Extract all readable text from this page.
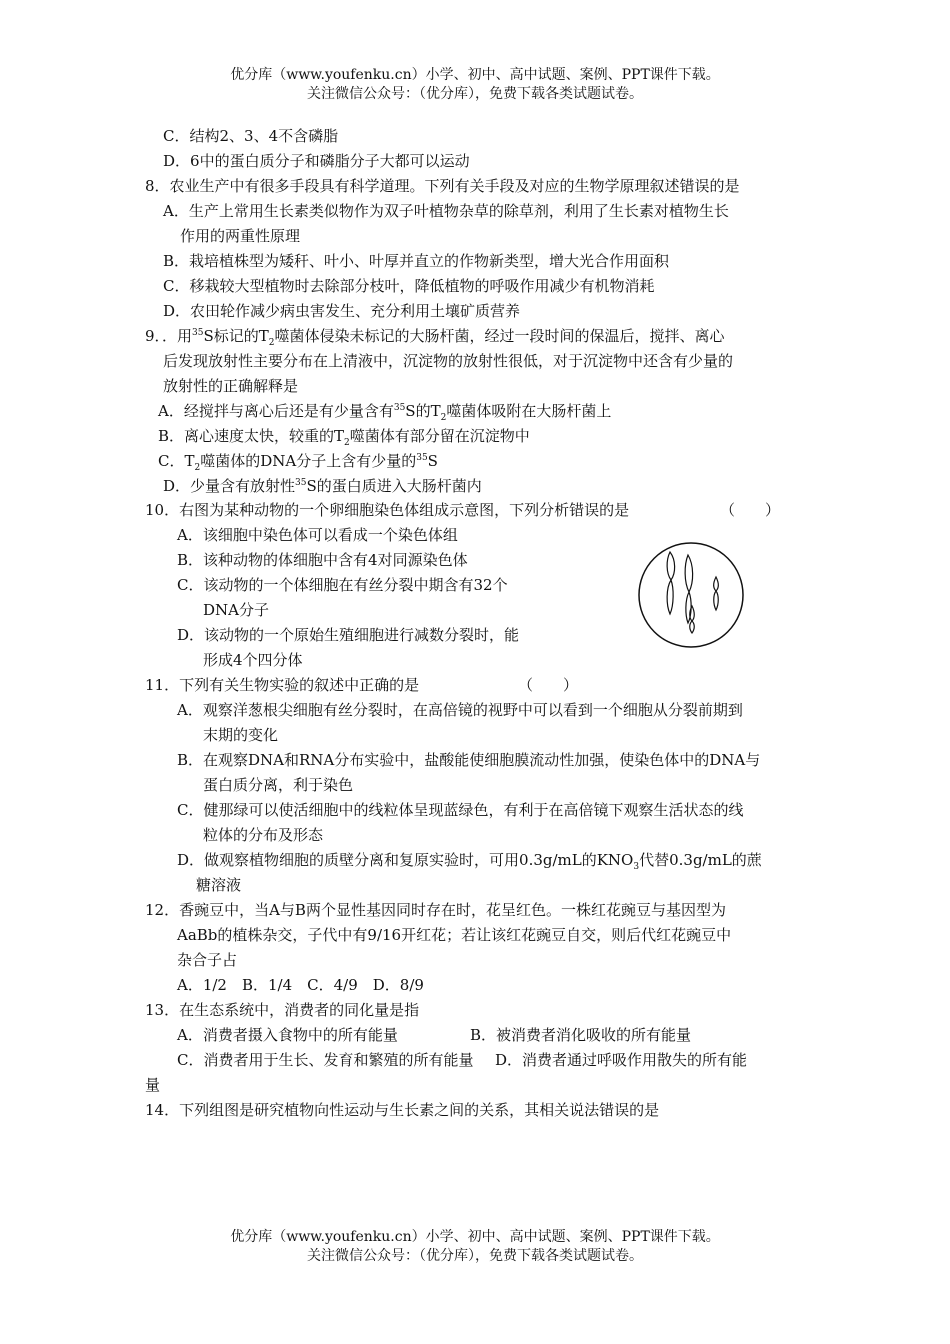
优分库（www.youfenku.cn）小学、初中、高中试题、案例、PPT课件下载。
关注微信公众号：（优分库），免费下载各类试题试卷。
C．结构2、3、4不含磷脂
D．6中的蛋白质分子和磷脂分子大都可以运动
8．农业生产中有很多手段具有科学道理。下列有关手段及对应的生物学原理叙述错误的是
A．生产上常用生长素类似物作为双子叶植物杂草的除草剂，利用了生长素对植物生长
作用的两重性原理
B．栽培植株型为矮秆、叶小、叶厚并直立的作物新类型，增大光合作用面积
C．移栽较大型植物时去除部分枝叶，降低植物的呼吸作用减少有机物消耗
D．农田轮作减少病虫害发生、充分利用土壤矿质营养
9．．用$^{35}$S标记的$T_2$噬菌体侵染未标记的大肠杆菌，经过一段时间的保温后，搅拌、离心
后发现放射性主要分布在上清液中，沉淀物的放射性很低，对于沉淀物中还含有少量的
放射性的正确解释是
A．经搅拌与离心后还是有少量含有$^{35}$S的$T_2$噬菌体吸附在大肠杆菌上
B．离心速度太快，较重的$T_2$噬菌体有部分留在沉淀物中
C．$T_2$噬菌体的DNA分子上含有少量的$^{35}$S
D．少量含有放射性$^{35}$S的蛋白质进入大肠杆菌内
10．右图为某种动物的一个卵细胞染色体组成示意图，下列分析错误的是	（　　）
A．该细胞中染色体可以看成一个染色体组
B．该种动物的体细胞中含有4对同源染色体
C．该动物的一个体细胞在有丝分裂中期含有32个
DNA分子
D．该动物的一个原始生殖细胞进行减数分裂时，能
形成4个四分体
11．下列有关生物实验的叙述中正确的是	（　　）
A．观察洋葱根尖细胞有丝分裂时，在高倍镜的视野中可以看到一个细胞从分裂前期到
末期的变化
B．在观察DNA和RNA分布实验中，盐酸能使细胞膜流动性加强，使染色体中的DNA与
蛋白质分离，利于染色
C．健那绿可以使活细胞中的线粒体呈现蓝绿色，有利于在高倍镜下观察生活状态的线
粒体的分布及形态
D．做观察植物细胞的质壁分离和复原实验时，可用0.3g/mL的$KNO_3$代替0.3g/mL的蔗
糖溶液
12．香豌豆中，当A与B两个显性基因同时存在时，花呈红色。一株红花豌豆与基因型为
AaBb的植株杂交，子代中有9/16开红花；若让该红花豌豆自交，则后代红花豌豆中
杂合子占
A．1/2　B．1/4　C．4/9　D．8/9
13．在生态系统中，消费者的同化量是指
A．消费者摄入食物中的所有能量	B．被消费者消化吸收的所有能量
C．消费者用于生长、发育和繁殖的所有能量 D．消费者通过呼吸作用散失的所有能
量
14．下列组图是研究植物向性运动与生长素之间的关系，其相关说法错误的是
优分库（www.youfenku.cn）小学、初中、高中试题、案例、PPT课件下载。
关注微信公众号：（优分库），免费下载各类试题试卷。
